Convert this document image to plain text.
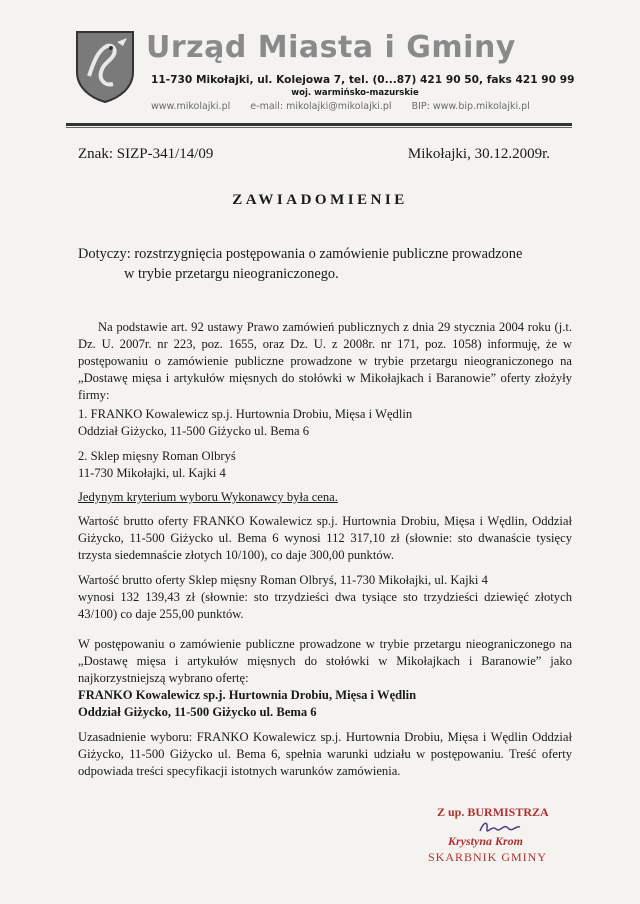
Urząd Miasta i Gminy
11-730 Mikołajki, ul. Kolejowa 7, tel. (0...87) 421 90 50, faks 421 90 99
woj. warmińsko-mazurskie
www.mikolajki.pl e-mail: mikolajki@mikolajki.pl BIP: www.bip.mikolajki.pl
Znak: SIZP-341/14/09	Mikołajki, 30.12.2009r.
ZAWIADOMIENIE
Dotyczy: rozstrzygnięcia postępowania o zamówienie publiczne prowadzone
w trybie przetargu nieograniczonego.
Na podstawie art. 92 ustawy Prawo zamówień publicznych z dnia 29 stycznia 2004 roku (j.t. Dz. U. 2007r. nr 223, poz. 1655, oraz Dz. U. z 2008r. nr 171, poz. 1058) informuję, że w postępowaniu o zamówienie publiczne prowadzone w trybie przetargu nieograniczonego na „Dostawę mięsa i artykułów mięsnych do stołówki w Mikołajkach i Baranowie” oferty złożyły firmy:
1. FRANKO Kowalewicz sp.j. Hurtownia Drobiu, Mięsa i Wędlin
Oddział Giżycko, 11-500 Giżycko ul. Bema 6
2. Sklep mięsny Roman Olbryś
11-730 Mikołajki, ul. Kajki 4
Jedynym kryterium wyboru Wykonawcy była cena.
Wartość brutto oferty FRANKO Kowalewicz sp.j. Hurtownia Drobiu, Mięsa i Wędlin, Oddział Giżycko, 11-500 Giżycko ul. Bema 6 wynosi 112 317,10 zł (słownie: sto dwanaście tysięcy trzysta siedemnaście złotych 10/100), co daje 300,00 punktów.
Wartość brutto oferty Sklep mięsny Roman Olbryś, 11-730 Mikołajki, ul. Kajki 4
wynosi 132 139,43 zł (słownie: sto trzydzieści dwa tysiące sto trzydzieści dziewięć złotych 43/100) co daje 255,00 punktów.
W postępowaniu o zamówienie publiczne prowadzone w trybie przetargu nieograniczonego na „Dostawę mięsa i artykułów mięsnych do stołówki w Mikołajkach i Baranowie” jako najkorzystniejszą wybrano ofertę:
FRANKO Kowalewicz sp.j. Hurtownia Drobiu, Mięsa i Wędlin
Oddział Giżycko, 11-500 Giżycko ul. Bema 6
Uzasadnienie wyboru: FRANKO Kowalewicz sp.j. Hurtownia Drobiu, Mięsa i Wędlin Oddział Giżycko, 11-500 Giżycko ul. Bema 6, spełnia warunki udziału w postępowaniu. Treść oferty odpowiada treści specyfikacji istotnych warunków zamówienia.
Z up. BURMISTRZA
Krystyna Krom
SKARBNIK GMINY
